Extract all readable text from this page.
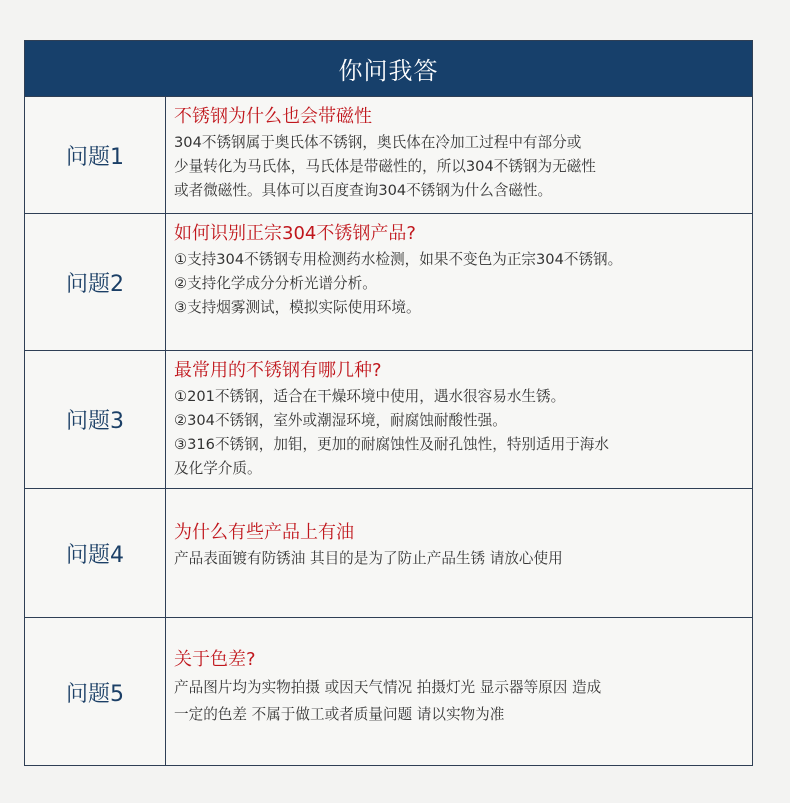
你问我答
问题1

不锈钢为什么也会带磁性

304不锈钢属于奥氏体不锈钢，奥氏体在冷加工过程中有部分或

少量转化为马氏体，马氏体是带磁性的，所以304不锈钢为无磁性

或者微磁性。具体可以百度查询304不锈钢为什么含磁性。

问题2

如何识别正宗304不锈钢产品?

①支持304不锈钢专用检测药水检测，如果不变色为正宗304不锈钢。

②支持化学成分分析光谱分析。

③支持烟雾测试，模拟实际使用环境。

问题3

最常用的不锈钢有哪几种?

①201不锈钢，适合在干燥环境中使用，遇水很容易水生锈。

②304不锈钢，室外或潮湿环境，耐腐蚀耐酸性强。

③316不锈钢，加钼，更加的耐腐蚀性及耐孔蚀性，特别适用于海水

及化学介质。

问题4

为什么有些产品上有油

产品表面镀有防锈油 其目的是为了防止产品生锈 请放心使用

问题5

关于色差?

产品图片均为实物拍摄 或因天气情况 拍摄灯光 显示器等原因 造成

一定的色差 不属于做工或者质量问题 请以实物为准
